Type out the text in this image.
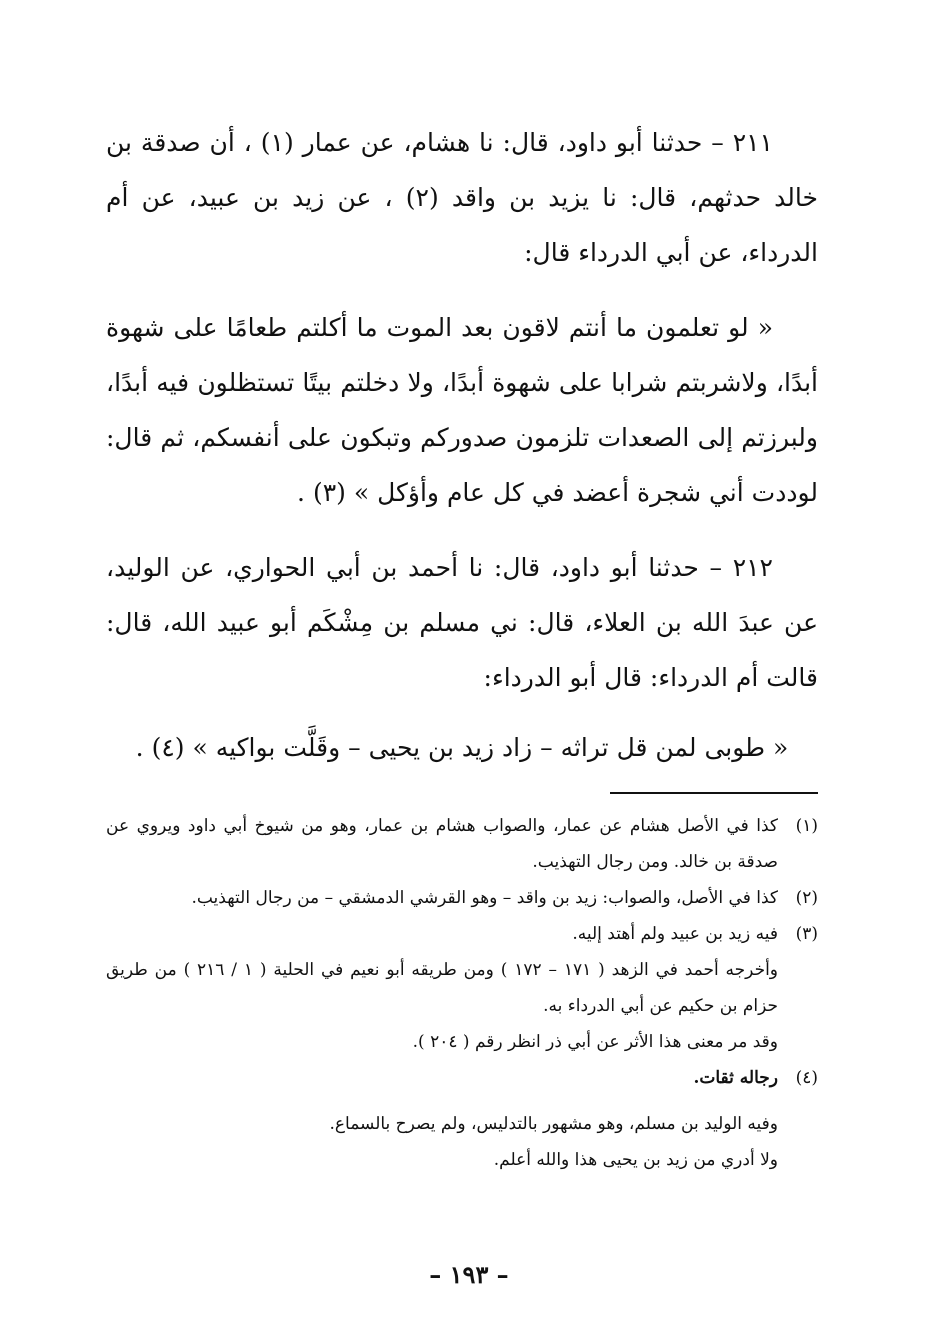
٢١١ – حدثنا أبو داود، قال: نا هشام، عن عمار (١) ، أن صدقة بن خالد حدثهم، قال: نا يزيد بن واقد (٢) ، عن زيد بن عبيد، عن أم الدرداء، عن أبي الدرداء قال:

« لو تعلمون ما أنتم لاقون بعد الموت ما أكلتم طعامًا على شهوة أبدًا، ولاشربتم شرابا على شهوة أبدًا، ولا دخلتم بيتًا تستظلون فيه أبدًا، ولبرزتم إلى الصعدات تلزمون صدوركم وتبكون على أنفسكم، ثم قال: لوددت أني شجرة أعضد في كل عام وأؤكل » (٣) .

٢١٢ – حدثنا أبو داود، قال: نا أحمد بن أبي الحواري، عن الوليد، عن عبدَ الله بن العلاء، قال: ني مسلم بن مِشْكَم أبو عبيد الله، قال: قالت أم الدرداء: قال أبو الدرداء:

« طوبى لمن قل تراثه – زاد زيد بن يحيى – وقَلَّت بواكيه » (٤) .

(١)
كذا في الأصل هشام عن عمار، والصواب هشام بن عمار، وهو من شيوخ أبي داود ويروي عن صدقة بن خالد. ومن رجال التهذيب.
(٢)
كذا في الأصل، والصواب: زيد بن واقد – وهو القرشي الدمشقي – من رجال التهذيب.
(٣)
فيه زيد بن عبيد ولم أهتد إليه.
وأخرجه أحمد في الزهد ( ١٧١ – ١٧٢ ) ومن طريقه أبو نعيم في الحلية ( ١ / ٢١٦ ) من طريق حزام بن حكيم عن أبي الدرداء به.
وقد مر معنى هذا الأثر عن أبي ذر انظر رقم ( ٢٠٤ ).
(٤)
رجاله ثقات.
وفيه الوليد بن مسلم، وهو مشهور بالتدليس، ولم يصرح بالسماع.
ولا أدري من زيد بن يحيى هذا والله أعلم.
– ١٩٣ –
